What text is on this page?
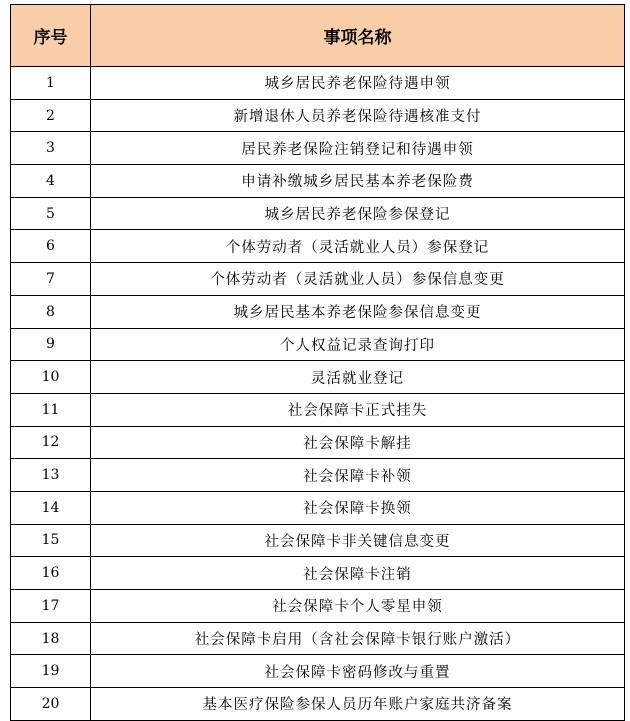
序号	事项名称
1	城乡居民养老保险待遇申领
2	新增退休人员养老保险待遇核准支付
3	居民养老保险注销登记和待遇申领
4	申请补缴城乡居民基本养老保险费
5	城乡居民养老保险参保登记
6	个体劳动者（灵活就业人员）参保登记
7	个体劳动者（灵活就业人员）参保信息变更
8	城乡居民基本养老保险参保信息变更
9	个人权益记录查询打印
10	灵活就业登记
11	社会保障卡正式挂失
12	社会保障卡解挂
13	社会保障卡补领
14	社会保障卡换领
15	社会保障卡非关键信息变更
16	社会保障卡注销
17	社会保障卡个人零星申领
18	社会保障卡启用（含社会保障卡银行账户激活）
19	社会保障卡密码修改与重置
20	基本医疗保险参保人员历年账户家庭共济备案
